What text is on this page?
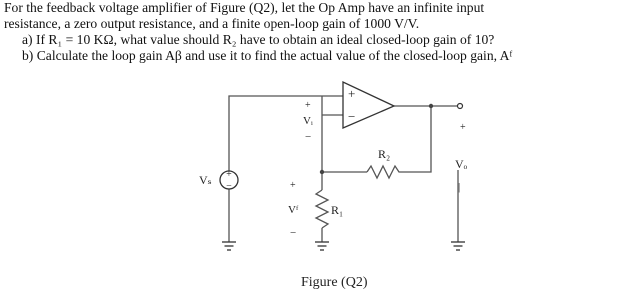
For the feedback voltage amplifier of Figure (Q2), let the Op Amp have an infinite input

resistance, a zero output resistance, and a finite open-loop gain of 1000 V/V.

a) If R₁ = 10 KΩ, what value should R₂ have to obtain an ideal closed-loop gain of 10?

b) Calculate the loop gain Aβ and use it to find the actual value of the closed-loop gain, Aᶠ

+
−
+
−
Vₛ
R₂
R₁
+
Vᵢ
−
+
Vᶠ
−
+
Vₒ
|
Figure (Q2)
